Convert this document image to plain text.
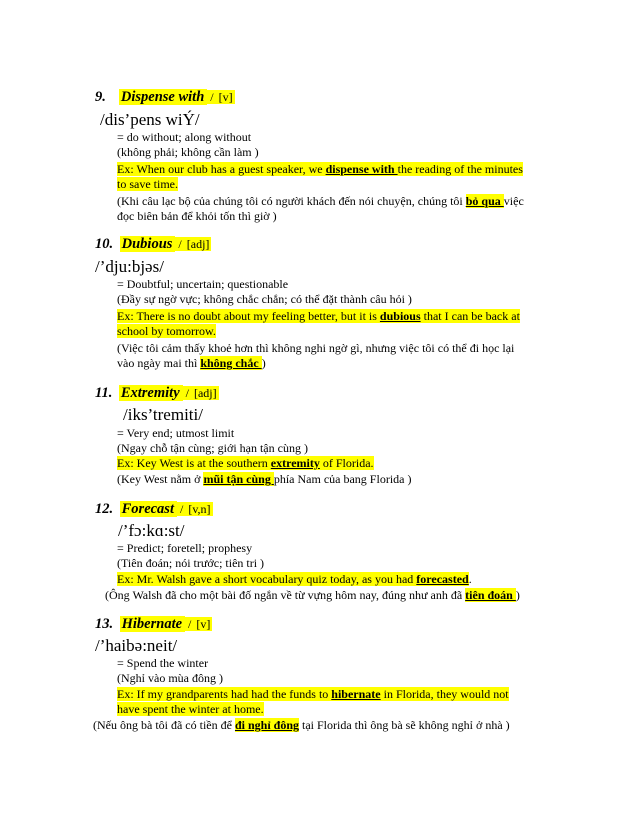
9. Dispense with / [v]
/dis’pens wiÝ/
= do without; along without
(không phải; không cần làm )
Ex: When our club has a guest speaker, we dispense with the reading of the minutes
to save time.
(Khi câu lạc bộ của chúng tôi có người khách đến nói chuyện, chúng tôi bỏ qua việc
đọc biên bản để khỏi tốn thì giờ )
10. Dubious / [adj]
/’dju:bjəs/
= Doubtful; uncertain; questionable
(Đầy sự ngờ vực; không chắc chắn; có thể đặt thành câu hỏi )
Ex: There is no doubt about my feeling better, but it is dubious that I can be back at
school by tomorrow.
(Việc tôi cảm thấy khoẻ hơn thì không nghi ngờ gì, nhưng việc tôi có thể đi học lại
vào ngày mai thì không chắc )
11. Extremity / [adj]
/iks’tremiti/
= Very end; utmost limit
(Ngay chỗ tận cùng; giới hạn tận cùng )
Ex: Key West is at the southern extremity of Florida.
(Key West nằm ở mũi tận cùng phía Nam của bang Florida )
12. Forecast / [v,n]
/’fɔ:kɑ:st/
= Predict; foretell; prophesy
(Tiên đoán; nói trước; tiên tri )
Ex: Mr. Walsh gave a short vocabulary quiz today, as you had forecasted.
(Ông Walsh đã cho một bài đố ngắn về từ vựng hôm nay, đúng như anh đã tiên đoán )
13. Hibernate / [v]
/’haibə:neit/
= Spend the winter
(Nghỉ vào mùa đông )
Ex: If my grandparents had had the funds to hibernate in Florida, they would not
have spent the winter at home.
(Nếu ông bà tôi đã có tiền để đi nghỉ đông tại Florida thì ông bà sẽ không nghỉ ở nhà )
